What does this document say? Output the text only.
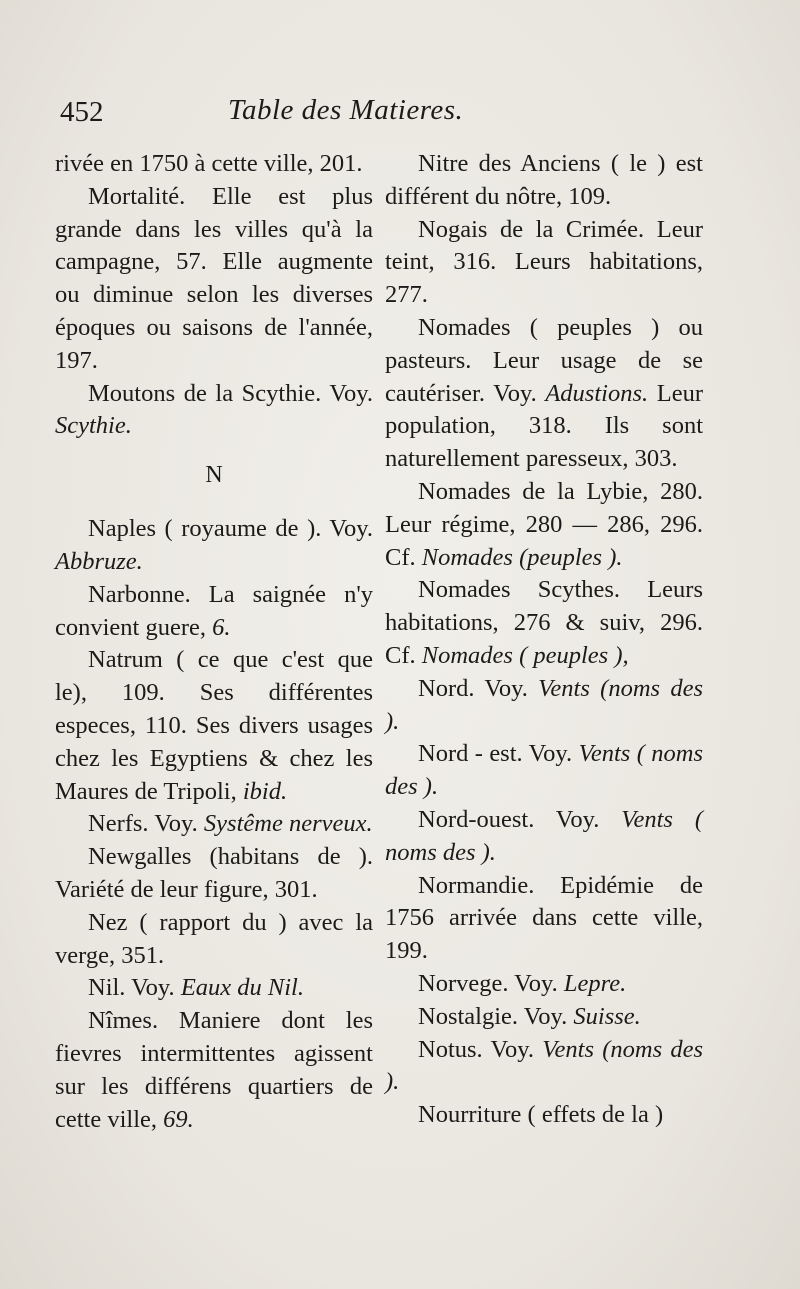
452	Table des Matieres.

rivée en 1750 à cette ville, 201.

Mortalité. Elle est plus grande dans les villes qu'à la campagne, 57. Elle augmente ou diminue selon les diverses époques ou saisons de l'année, 197.

Moutons de la Scythie. Voy. Scythie.

N

Naples ( royaume de ). Voy. Abbruze.

Narbonne. La saignée n'y convient guere, 6.

Natrum ( ce que c'est que le), 109. Ses différentes especes, 110. Ses divers usages chez les Egyptiens & chez les Maures de Tripoli, ibid.

Nerfs. Voy. Systême nerveux.

Newgalles (habitans de ). Variété de leur figure, 301.

Nez ( rapport du ) avec la verge, 351.

Nil. Voy. Eaux du Nil.

Nîmes. Maniere dont les fievres intermittentes agissent sur les différens quartiers de cette ville, 69.

Nitre des Anciens ( le ) est différent du nôtre, 109.

Nogais de la Crimée. Leur teint, 316. Leurs habitations, 277.

Nomades ( peuples ) ou pasteurs. Leur usage de se cautériser. Voy. Adustions. Leur population, 318. Ils sont naturellement paresseux, 303.

Nomades de la Lybie, 280. Leur régime, 280 — 286, 296. Cf. Nomades (peuples ).

Nomades Scythes. Leurs habitations, 276 & suiv, 296. Cf. Nomades ( peuples ),

Nord. Voy. Vents (noms des ).

Nord - est. Voy. Vents ( noms des ).

Nord-ouest. Voy. Vents ( noms des ).

Normandie. Epidémie de 1756 arrivée dans cette ville, 199.

Norvege. Voy. Lepre.

Nostalgie. Voy. Suisse.

Notus. Voy. Vents (noms des ).

Nourriture ( effets de la )
